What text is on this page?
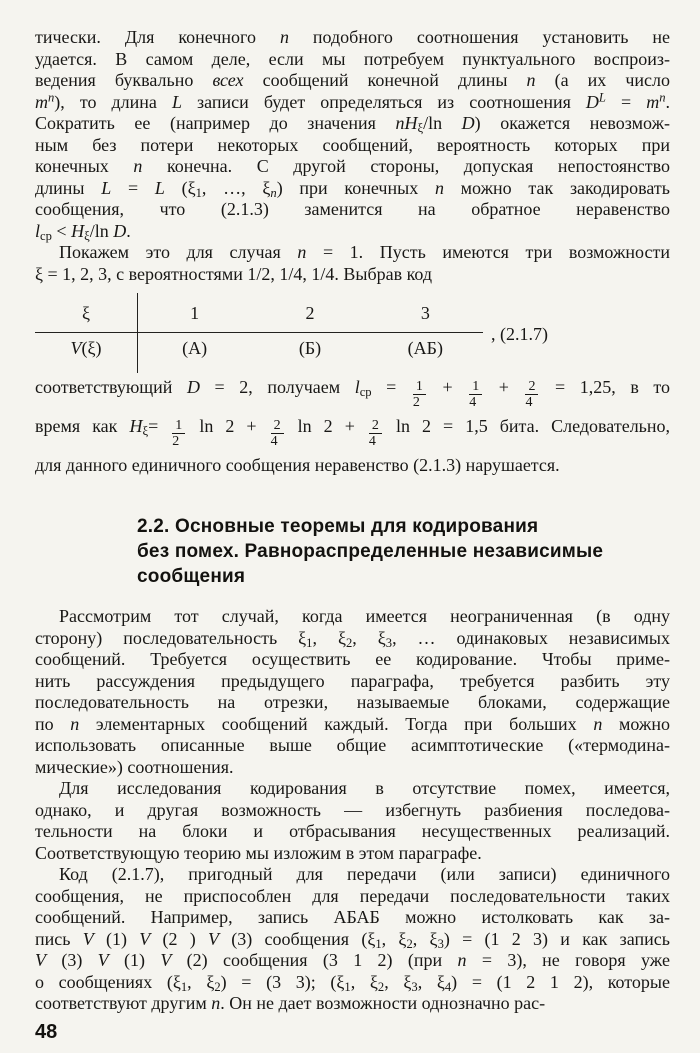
тически. Для конечного n подобного соотношения установить не
удается. В самом деле, если мы потребуем пунктуального воспроиз-
ведения буквально всех сообщений конечной длины n (а их число
$m^n$), то длина L записи будет определяться из соотношения $D^L = m^n$.
Сократить ее (например до значения $nH_\xi/\ln$ D) окажется невозмож-
ным без потери некоторых сообщений, вероятность которых при
конечных n конечна. С другой стороны, допуская непостоянство
длины L = L ($\xi_1$, …, $\xi_n$) при конечных n можно так закодировать
сообщения, что (2.1.3) заменится на обратное неравенство
$l_{ср} < H_\xi/\ln$ D.
Покажем это для случая n = 1. Пусть имеются три возможности
ξ = 1, 2, 3, с вероятностями 1/2, 1/4, 1/4. Выбрав код
ξ	1	2	3
V(ξ)	(А)	(Б)	(АБ)
, (2.1.7)
соответствующий D = 2, получаем $l_{ср} = \frac{1}{2} + \frac{1}{4} + \frac{2}{4} = 1,25$, в то
время как $H_\xi= \frac{1}{2}$ $\ln 2 + \frac{2}{4}$ $\ln 2 + \frac{2}{4}$ ln 2 = 1,5 бита. Следовательно,
для данного единичного сообщения неравенство (2.1.3) нарушается.
2.2. Основные теоремы для кодирования
без помех. Равнораспределенные независимые
сообщения
Рассмотрим тот случай, когда имеется неограниченная (в одну
сторону) последовательность $\xi_1$, $\xi_2$, $\xi_3$, … одинаковых независимых
сообщений. Требуется осуществить ее кодирование. Чтобы приме-
нить рассуждения предыдущего параграфа, требуется разбить эту
последовательность на отрезки, называемые блоками, содержащие
по n элементарных сообщений каждый. Тогда при больших n можно
использовать описанные выше общие асимптотические («термодина-
мические») соотношения.
Для исследования кодирования в отсутствие помех, имеется,
однако, и другая возможность — избегнуть разбиения последова-
тельности на блоки и отбрасывания несущественных реализаций.
Соответствующую теорию мы изложим в этом параграфе.
Код (2.1.7), пригодный для передачи (или записи) единичного
сообщения, не приспособлен для передачи последовательности таких
сообщений. Например, запись АБАБ можно истолковать как за-
пись V (1) V (2 ) V (3) сообщения ($\xi_1$, $\xi_2$, $\xi_3) = (1$ 2 3) и как запись
V (3) V (1) V (2) сообщения (3 1 2) (при n = 3), не говоря уже
о сообщениях ($\xi_1$, $\xi_2) = (3$ 3); ($\xi_1$, $\xi_2$, $\xi_3$, $\xi_4) = (1$ 2 1 2), которые
соответствуют другим n. Он не дает возможности однозначно рас-
48
